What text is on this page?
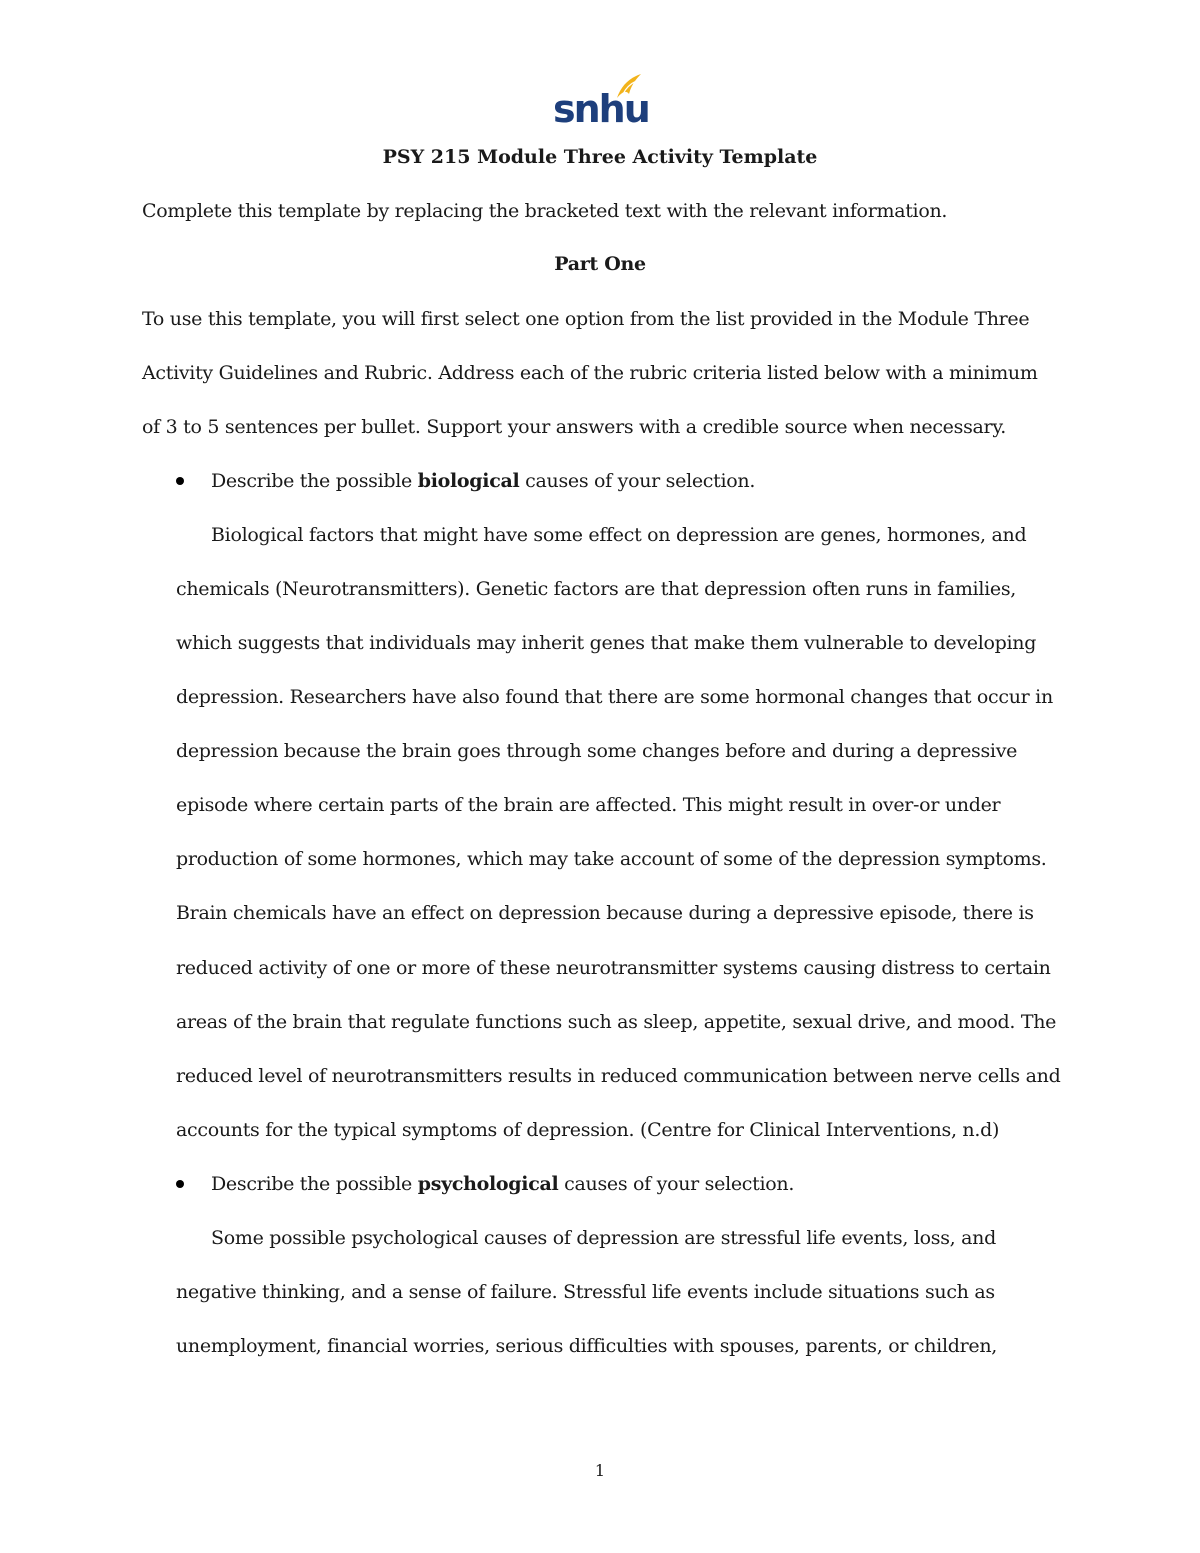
snhu
PSY 215 Module Three Activity Template
Complete this template by replacing the bracketed text with the relevant information.
Part One
To use this template, you will first select one option from the list provided in the Module Three
Activity Guidelines and Rubric. Address each of the rubric criteria listed below with a minimum
of 3 to 5 sentences per bullet. Support your answers with a credible source when necessary.
Describe the possible biological causes of your selection.
Biological factors that might have some effect on depression are genes, hormones, and
chemicals (Neurotransmitters). Genetic factors are that depression often runs in families,
which suggests that individuals may inherit genes that make them vulnerable to developing
depression. Researchers have also found that there are some hormonal changes that occur in
depression because the brain goes through some changes before and during a depressive
episode where certain parts of the brain are affected. This might result in over-or under
production of some hormones, which may take account of some of the depression symptoms.
Brain chemicals have an effect on depression because during a depressive episode, there is
reduced activity of one or more of these neurotransmitter systems causing distress to certain
areas of the brain that regulate functions such as sleep, appetite, sexual drive, and mood. The
reduced level of neurotransmitters results in reduced communication between nerve cells and
accounts for the typical symptoms of depression. (Centre for Clinical Interventions, n.d)
Describe the possible psychological causes of your selection.
Some possible psychological causes of depression are stressful life events, loss, and
negative thinking, and a sense of failure. Stressful life events include situations such as
unemployment, financial worries, serious difficulties with spouses, parents, or children,
1
